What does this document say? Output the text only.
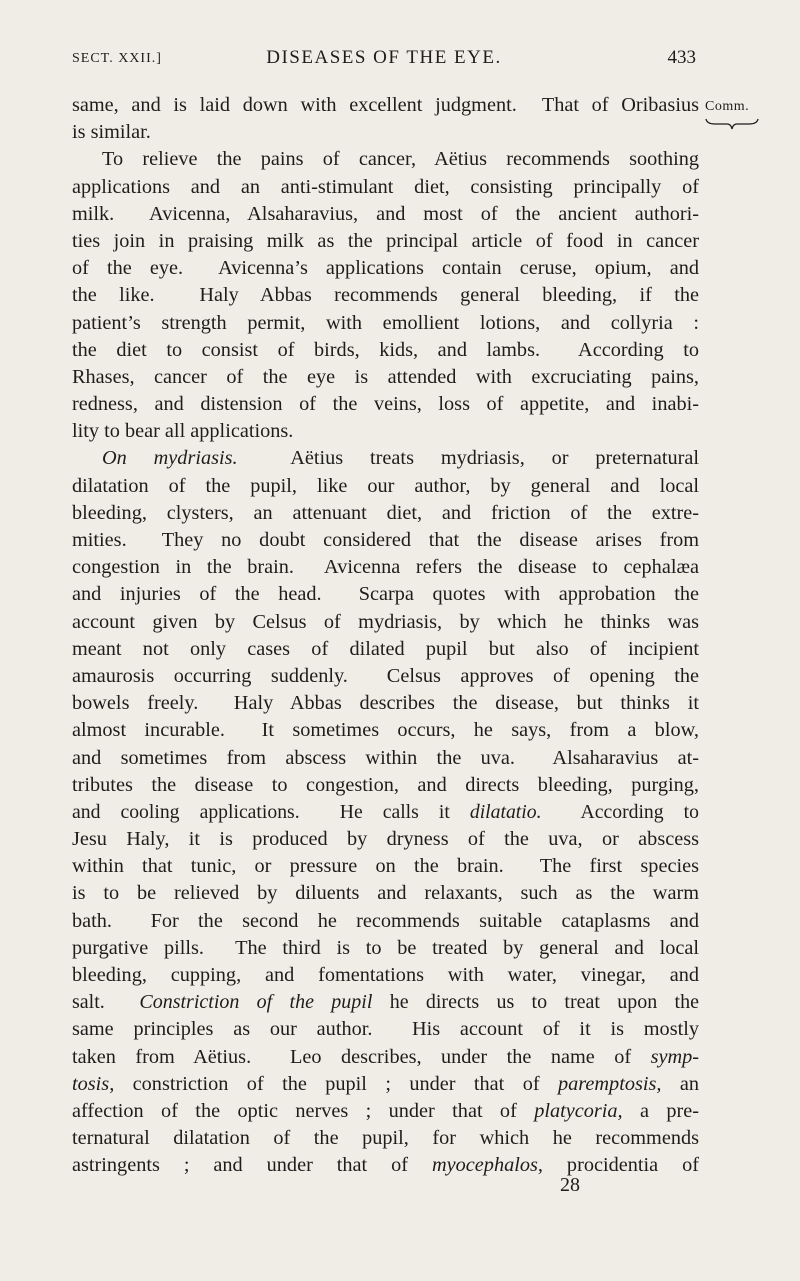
SECT. XXII.]	DISEASES OF THE EYE.	433
Comm.
same, and is laid down with excellent judgment.  That of Oribasius
is similar.
To relieve the pains of cancer, Aëtius recommends soothing
applications and an anti-stimulant diet, consisting principally of
milk.  Avicenna, Alsaharavius, and most of the ancient authori-
ties join in praising milk as the principal article of food in cancer
of the eye.  Avicenna’s applications contain ceruse, opium, and
the like.  Haly Abbas recommends general bleeding, if the
patient’s strength permit, with emollient lotions, and collyria :
the diet to consist of birds, kids, and lambs.  According to
Rhases, cancer of the eye is attended with excruciating pains,
redness, and distension of the veins, loss of appetite, and inabi-
lity to bear all applications.
On mydriasis.  Aëtius treats mydriasis, or preternatural
dilatation of the pupil, like our author, by general and local
bleeding, clysters, an attenuant diet, and friction of the extre-
mities.  They no doubt considered that the disease arises from
congestion in the brain.  Avicenna refers the disease to cephalæa
and injuries of the head.  Scarpa quotes with approbation the
account given by Celsus of mydriasis, by which he thinks was
meant not only cases of dilated pupil but also of incipient
amaurosis occurring suddenly.  Celsus approves of opening the
bowels freely.  Haly Abbas describes the disease, but thinks it
almost incurable.  It sometimes occurs, he says, from a blow,
and sometimes from abscess within the uva.  Alsaharavius at-
tributes the disease to congestion, and directs bleeding, purging,
and cooling applications.  He calls it dilatatio.  According to
Jesu Haly, it is produced by dryness of the uva, or abscess
within that tunic, or pressure on the brain.  The first species
is to be relieved by diluents and relaxants, such as the warm
bath.  For the second he recommends suitable cataplasms and
purgative pills.  The third is to be treated by general and local
bleeding, cupping, and fomentations with water, vinegar, and
salt.  Constriction of the pupil he directs us to treat upon the
same principles as our author.  His account of it is mostly
taken from Aëtius.  Leo describes, under the name of symp-
tosis, constriction of the pupil ; under that of paremptosis, an
affection of the optic nerves ; under that of platycoria, a pre-
ternatural dilatation of the pupil, for which he recommends
astringents ; and under that of myocephalos, procidentia of
28
